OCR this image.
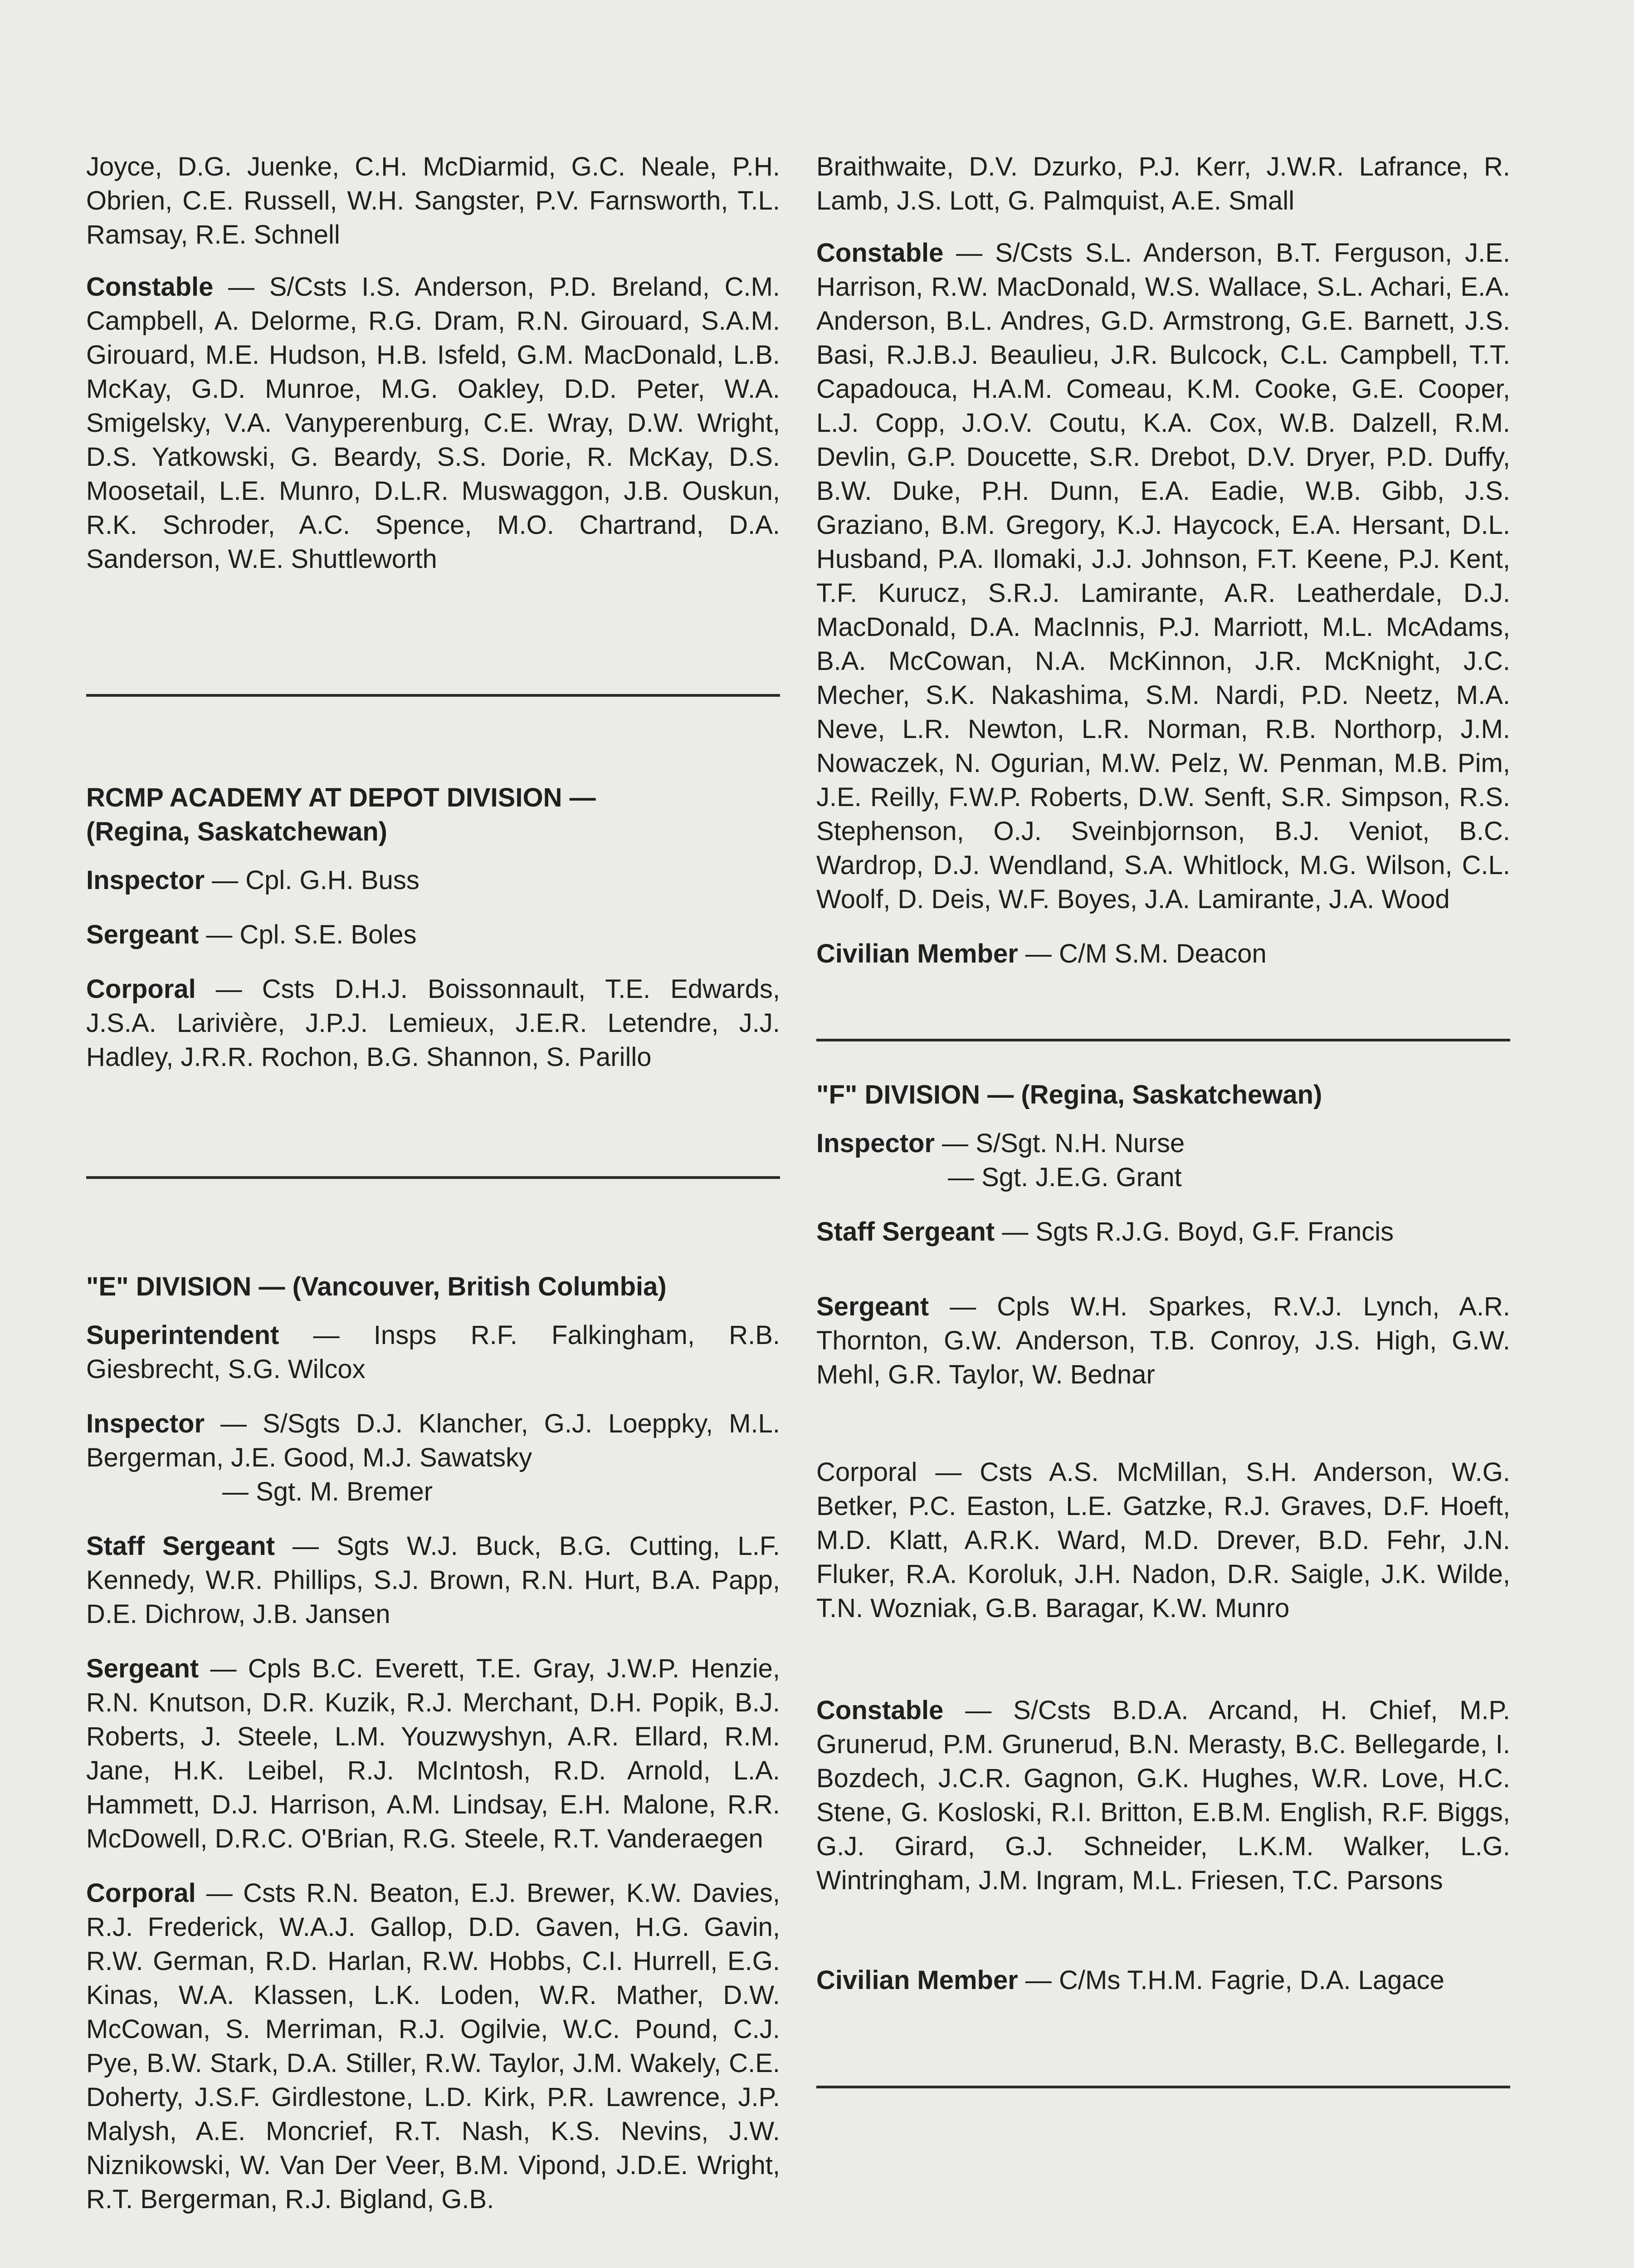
Joyce, D.G. Juenke, C.H. McDiarmid, G.C. Neale, P.H. Obrien, C.E. Russell, W.H. Sangster, P.V. Farnsworth, T.L. Ramsay, R.E. Schnell

Constable — S/Csts I.S. Anderson, P.D. Breland, C.M. Campbell, A. Delorme, R.G. Dram, R.N. Girouard, S.A.M. Girouard, M.E. Hudson, H.B. Isfeld, G.M. MacDonald, L.B. McKay, G.D. Munroe, M.G. Oakley, D.D. Peter, W.A. Smigelsky, V.A. Vanyperenburg, C.E. Wray, D.W. Wright, D.S. Yatkowski, G. Beardy, S.S. Dorie, R. McKay, D.S. Moosetail, L.E. Munro, D.L.R. Muswaggon, J.B. Ouskun, R.K. Schroder, A.C. Spence, M.O. Chartrand, D.A. Sanderson, W.E. Shuttleworth

RCMP ACADEMY AT DEPOT DIVISION —
(Regina, Saskatchewan)

Inspector — Cpl. G.H. Buss

Sergeant — Cpl. S.E. Boles

Corporal — Csts D.H.J. Boissonnault, T.E. Edwards, J.S.A. Larivière, J.P.J. Lemieux, J.E.R. Letendre, J.J. Hadley, J.R.R. Rochon, B.G. Shannon, S. Parillo

"E" DIVISION — (Vancouver, British Columbia)

Superintendent — Insps R.F. Falkingham, R.B. Giesbrecht, S.G. Wilcox

Inspector — S/Sgts D.J. Klancher, G.J. Loeppky, M.L. Bergerman, J.E. Good, M.J. Sawatsky

— Sgt. M. Bremer

Staff Sergeant — Sgts W.J. Buck, B.G. Cutting, L.F. Kennedy, W.R. Phillips, S.J. Brown, R.N. Hurt, B.A. Papp, D.E. Dichrow, J.B. Jansen

Sergeant — Cpls B.C. Everett, T.E. Gray, J.W.P. Henzie, R.N. Knutson, D.R. Kuzik, R.J. Merchant, D.H. Popik, B.J. Roberts, J. Steele, L.M. Youzwyshyn, A.R. Ellard, R.M. Jane, H.K. Leibel, R.J. McIntosh, R.D. Arnold, L.A. Hammett, D.J. Harrison, A.M. Lindsay, E.H. Malone, R.R. McDowell, D.R.C. O'Brian, R.G. Steele, R.T. Vanderaegen

Corporal — Csts R.N. Beaton, E.J. Brewer, K.W. Davies, R.J. Frederick, W.A.J. Gallop, D.D. Gaven, H.G. Gavin, R.W. German, R.D. Harlan, R.W. Hobbs, C.I. Hurrell, E.G. Kinas, W.A. Klassen, L.K. Loden, W.R. Mather, D.W. McCowan, S. Merriman, R.J. Ogilvie, W.C. Pound, C.J. Pye, B.W. Stark, D.A. Stiller, R.W. Taylor, J.M. Wakely, C.E. Doherty, J.S.F. Girdlestone, L.D. Kirk, P.R. Lawrence, J.P. Malysh, A.E. Moncrief, R.T. Nash, K.S. Nevins, J.W. Niznikowski, W. Van Der Veer, B.M. Vipond, J.D.E. Wright, R.T. Bergerman, R.J. Bigland, G.B.

Braithwaite, D.V. Dzurko, P.J. Kerr, J.W.R. Lafrance, R. Lamb, J.S. Lott, G. Palmquist, A.E. Small

Constable — S/Csts S.L. Anderson, B.T. Ferguson, J.E. Harrison, R.W. MacDonald, W.S. Wallace, S.L. Achari, E.A. Anderson, B.L. Andres, G.D. Armstrong, G.E. Barnett, J.S. Basi, R.J.B.J. Beaulieu, J.R. Bulcock, C.L. Campbell, T.T. Capadouca, H.A.M. Comeau, K.M. Cooke, G.E. Cooper, L.J. Copp, J.O.V. Coutu, K.A. Cox, W.B. Dalzell, R.M. Devlin, G.P. Doucette, S.R. Drebot, D.V. Dryer, P.D. Duffy, B.W. Duke, P.H. Dunn, E.A. Eadie, W.B. Gibb, J.S. Graziano, B.M. Gregory, K.J. Haycock, E.A. Hersant, D.L. Husband, P.A. Ilomaki, J.J. Johnson, F.T. Keene, P.J. Kent, T.F. Kurucz, S.R.J. Lamirante, A.R. Leatherdale, D.J. MacDonald, D.A. MacInnis, P.J. Marriott, M.L. McAdams, B.A. McCowan, N.A. McKinnon, J.R. McKnight, J.C. Mecher, S.K. Nakashima, S.M. Nardi, P.D. Neetz, M.A. Neve, L.R. Newton, L.R. Norman, R.B. Northorp, J.M. Nowaczek, N. Ogurian, M.W. Pelz, W. Penman, M.B. Pim, J.E. Reilly, F.W.P. Roberts, D.W. Senft, S.R. Simpson, R.S. Stephenson, O.J. Sveinbjornson, B.J. Veniot, B.C. Wardrop, D.J. Wendland, S.A. Whitlock, M.G. Wilson, C.L. Woolf, D. Deis, W.F. Boyes, J.A. Lamirante, J.A. Wood

Civilian Member — C/M S.M. Deacon

"F" DIVISION — (Regina, Saskatchewan)

Inspector — S/Sgt. N.H. Nurse

— Sgt. J.E.G. Grant

Staff Sergeant — Sgts R.J.G. Boyd, G.F. Francis

Sergeant — Cpls W.H. Sparkes, R.V.J. Lynch, A.R. Thornton, G.W. Anderson, T.B. Conroy, J.S. High, G.W. Mehl, G.R. Taylor, W. Bednar

Corporal — Csts A.S. McMillan, S.H. Anderson, W.G. Betker, P.C. Easton, L.E. Gatzke, R.J. Graves, D.F. Hoeft, M.D. Klatt, A.R.K. Ward, M.D. Drever, B.D. Fehr, J.N. Fluker, R.A. Koroluk, J.H. Nadon, D.R. Saigle, J.K. Wilde, T.N. Wozniak, G.B. Baragar, K.W. Munro

Constable — S/Csts B.D.A. Arcand, H. Chief, M.P. Grunerud, P.M. Grunerud, B.N. Merasty, B.C. Bellegarde, I. Bozdech, J.C.R. Gagnon, G.K. Hughes, W.R. Love, H.C. Stene, G. Kosloski, R.I. Britton, E.B.M. English, R.F. Biggs, G.J. Girard, G.J. Schneider, L.K.M. Walker, L.G. Wintringham, J.M. Ingram, M.L. Friesen, T.C. Parsons

Civilian Member — C/Ms T.H.M. Fagrie, D.A. Lagace
